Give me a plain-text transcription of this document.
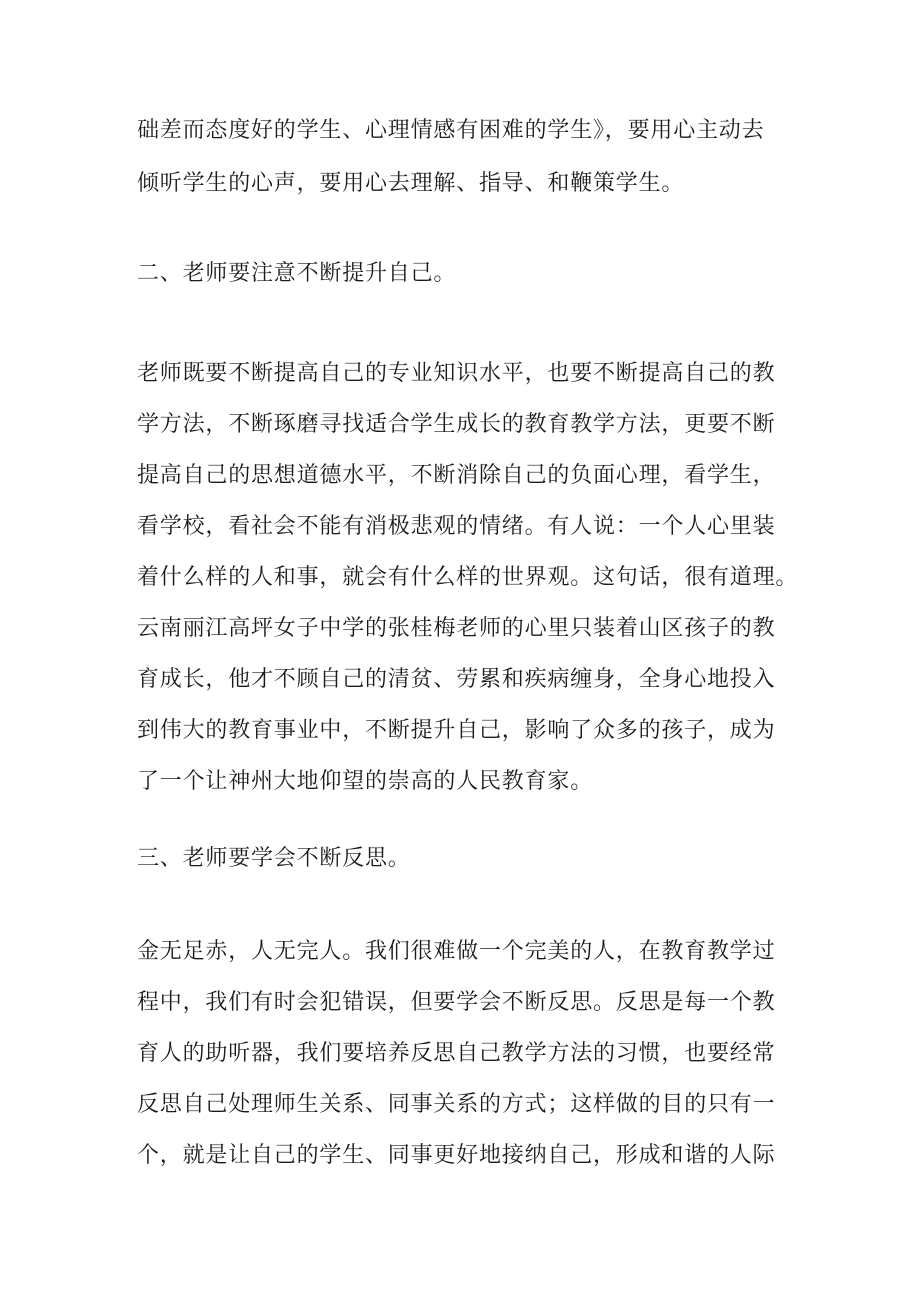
础差而态度好的学生、心理情感有困难的学生》，要用心主动去
倾听学生的心声，要用心去理解、指导、和鞭策学生。
二、老师要注意不断提升自己。
老师既要不断提高自己的专业知识水平，也要不断提高自己的教
学方法，不断琢磨寻找适合学生成长的教育教学方法，更要不断
提高自己的思想道德水平，不断消除自己的负面心理，看学生，
看学校，看社会不能有消极悲观的情绪。有人说：一个人心里装
着什么样的人和事，就会有什么样的世界观。这句话，很有道理。
云南丽江高坪女子中学的张桂梅老师的心里只装着山区孩子的教
育成长，他才不顾自己的清贫、劳累和疾病缠身，全身心地投入
到伟大的教育事业中，不断提升自己，影响了众多的孩子，成为
了一个让神州大地仰望的崇高的人民教育家。
三、老师要学会不断反思。
金无足赤，人无完人。我们很难做一个完美的人，在教育教学过
程中，我们有时会犯错误，但要学会不断反思。反思是每一个教
育人的助听器，我们要培养反思自己教学方法的习惯，也要经常
反思自己处理师生关系、同事关系的方式；这样做的目的只有一
个，就是让自己的学生、同事更好地接纳自己，形成和谐的人际
